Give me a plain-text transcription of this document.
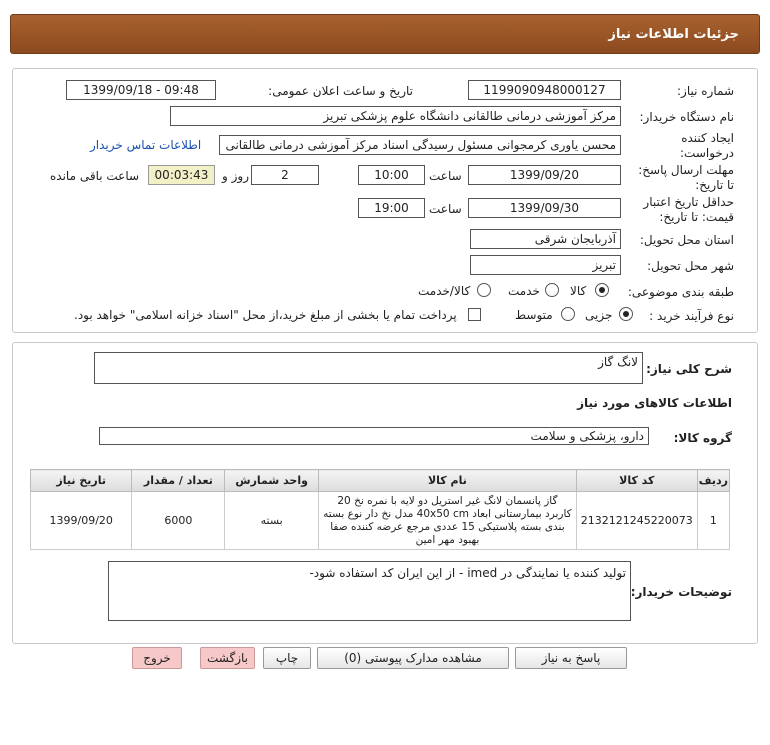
جزئیات اطلاعات نیاز
شماره نیاز:
1199090948000127
تاریخ و ساعت اعلان عمومی:
1399/09/18 - 09:48
نام دستگاه خریدار:
مرکز آموزشی درمانی طالقانی دانشگاه علوم پزشکی تبریز
ایجاد کننده
درخواست:
محسن یاوری کرمجوانی مسئول رسیدگی اسناد مرکز آموزشی درمانی طالقانی
اطلاعات تماس خریدار
مهلت ارسال پاسخ:
تا تاریخ:
1399/09/20
ساعت
10:00
2
روز و
00:03:43
ساعت باقی مانده
حداقل تاریخ اعتبار
قیمت: تا تاریخ:
1399/09/30
ساعت
19:00
استان محل تحویل:
آذربایجان شرقی
شهر محل تحویل:
تبریز
طبقه بندی موضوعی:
کالا
خدمت
کالا/خدمت
نوع فرآیند خرید :
جزیی
متوسط
پرداخت تمام یا بخشی از مبلغ خرید،از محل "اسناد خزانه اسلامی" خواهد بود.
شرح کلی نیاز:
لانگ گاز
اطلاعات کالاهای مورد نیاز
گروه کالا:
دارو، پزشکی و سلامت
ردیف	کد کالا	نام کالا	واحد شمارش	تعداد / مقدار	تاریخ نیاز
1	2132121245220073	گاز پانسمان لانگ غیر استریل دو لایه با نمره نخ 20 کاربرد بیمارستانی ابعاد 40x50 cm مدل نخ دار نوع بسته بندی بسته پلاستیکی 15 عددی مرجع عرضه کننده صفا بهبود مهر امین	بسته	6000	1399/09/20
توضیحات خریدار:
تولید کننده یا نمایندگی در imed - از این ایران کد استفاده شود-
پاسخ به نیاز
مشاهده مدارک پیوستی (0)
چاپ
بازگشت
خروج
